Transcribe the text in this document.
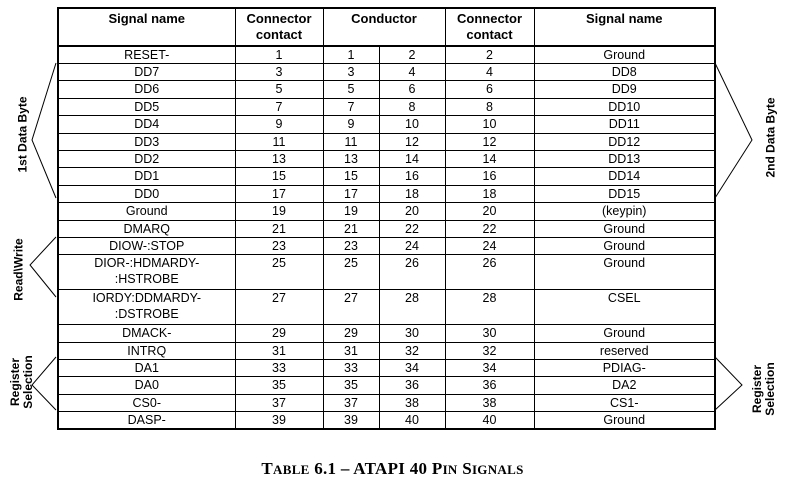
Signal name	Connector contact	Conductor		Connector contact	Signal name

RESET-	1	1	2	2	Ground

DD7	3	3	4	4	DD8

DD6	5	5	6	6	DD9

DD5	7	7	8	8	DD10

DD4	9	9	10	10	DD11

DD3	11	11	12	12	DD12

DD2	13	13	14	14	DD13

DD1	15	15	16	16	DD14

DD0	17	17	18	18	DD15

Ground	19	19	20	20	(keypin)

DMARQ	21	21	22	22	Ground

DIOW-:STOP	23	23	24	24	Ground

DIOR-:HDMARDY-
:HSTROBE	25	25	26	26	Ground

IORDY:DDMARDY-
:DSTROBE	27	27	28	28	CSEL

DMACK-	29	29	30	30	Ground

INTRQ	31	31	32	32	reserved

DA1	33	33	34	34	PDIAG-

DA0	35	35	36	36	DA2

CS0-	37	37	38	38	CS1-

DASP-	39	39	40	40	Ground
1st Data Byte
Read\Write
Register Selection
2nd Data Byte
Register Selection
TABLE 6.1 – ATAPI 40 PIN SIGNALS
